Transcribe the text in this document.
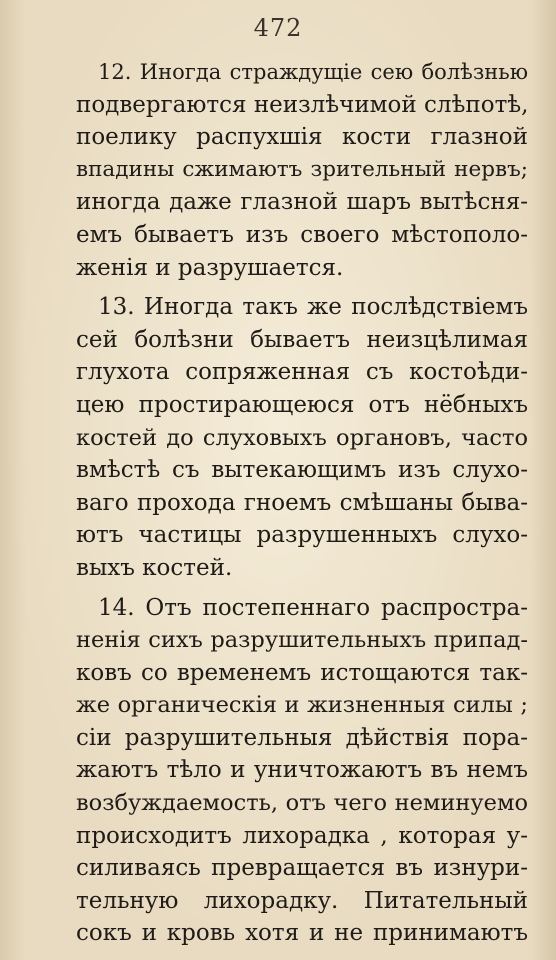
472
12. Иногда страждущіе сею болѣзнью
подвергаются неизлѣчимой слѣпотѣ,
поелику распухшія кости глазной
впадины сжимаютъ зрительный нервъ;
иногда даже глазной шаръ вытѣсня-
емъ бываетъ изъ своего мѣстополо-
женія и разрушается.
13. Иногда такъ же послѣдствіемъ
сей болѣзни бываетъ неизцѣлимая
глухота сопряженная съ костоѣди-
цею простирающеюся отъ нёбныхъ
костей до слуховыхъ органовъ, часто
вмѣстѣ съ вытекающимъ изъ слухо-
ваго прохода гноемъ смѣшаны быва-
ютъ частицы разрушенныхъ слухо-
выхъ костей.
14. Отъ постепеннаго распростра-
ненія сихъ разрушительныхъ припад-
ковъ со временемъ истощаются так-
же органическія и жизненныя силы ;
сіи разрушительныя дѣйствія пора-
жаютъ тѣло и уничтожаютъ въ немъ
возбуждаемость, отъ чего неминуемо
происходитъ лихорадка , которая у-
силиваясь превращается въ изнури-
тельную лихорадку. Питательный
сокъ и кровь хотя и не принимаютъ
